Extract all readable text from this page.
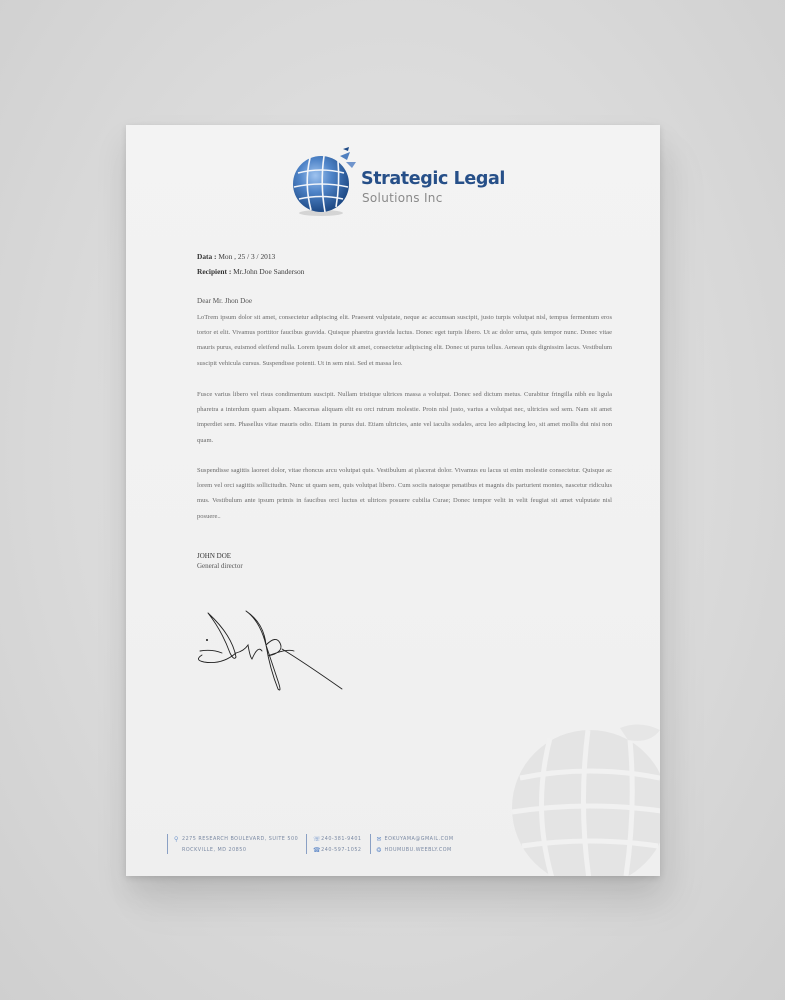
Strategic Legal
Solutions Inc
Data : Mon , 25 / 3 / 2013
Recipient : Mr.John Doe Sanderson
Dear Mr. Jhon Doe
LoTrem ipsum dolor sit amet, consectetur adipiscing elit. Praesent vulputate, neque ac accumsan suscipit, justo turpis volutpat nisl, tempus fermentum eros tortor et elit. Vivamus porttitor faucibus gravida. Quisque pharetra gravida luctus. Donec eget turpis libero. Ut ac dolor urna, quis tempor nunc. Donec vitae mauris purus, euismod eleifend nulla. Lorem ipsum dolor sit amet, consectetur adipiscing elit. Donec ut purus tellus. Aenean quis dignissim lacus. Vestibulum suscipit vehicula cursus. Suspendisse potenti. Ut in sem nisi. Sed et massa leo.
Fusce varius libero vel risus condimentum suscipit. Nullam tristique ultrices massa a volutpat. Donec sed dictum metus. Curabitur fringilla nibh eu ligula pharetra a interdum quam aliquam. Maecenas aliquam elit eu orci rutrum molestie. Proin nisl justo, varius a volutpat nec, ultricies sed sem. Nam sit amet imperdiet sem. Phasellus vitae mauris odio. Etiam in purus dui. Etiam ultricies, ante vel iaculis sodales, arcu leo adipiscing leo, sit amet mollis dui nisi non quam.
Suspendisse sagittis laoreet dolor, vitae rhoncus arcu volutpat quis. Vestibulum at placerat dolor. Vivamus eu lacus ut enim molestie consectetur. Quisque ac lorem vel orci sagittis sollicitudin. Nunc ut quam sem, quis volutpat libero. Cum sociis natoque penatibus et magnis dis parturient montes, nascetur ridiculus mus. Vestibulum ante ipsum primis in faucibus orci luctus et ultrices posuere cubilia Curae; Donec tempor velit in velit feugiat sit amet vulputate nisl posuere..
JOHN DOE
General director
⚲ 2275 RESEARCH BOULEVARD, SUITE 500
ROCKVILLE, MD 20850
☏ 240-381-9401
☎ 240-597-1052
✉ EOKUYAMA@GMAIL.COM
❂ HOUMUBU.WEEBLY.COM
